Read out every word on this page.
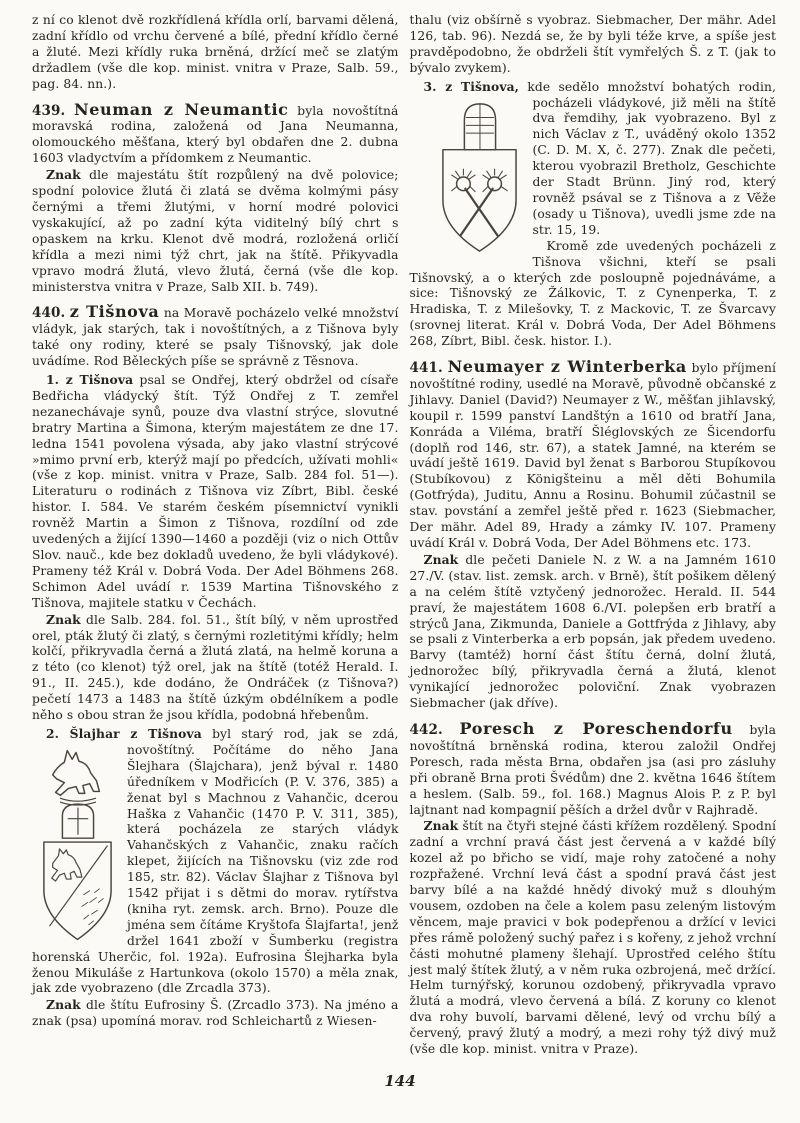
z ní co klenot dvě rozkřídlená křídla orlí, barvami dělená, zadní křídlo od vrchu červené a bílé, přední křídlo černé a žluté. Mezi křídly ruka brněná, držící meč se zlatým držadlem (vše dle kop. minist. vnitra v Praze, Salb. 59., pag. 84. nn.).

439. Neuman z Neumantic byla novoštítná moravská rodina, založená od Jana Neumanna, olomouckého měšťana, který byl obdařen dne 2. dubna 1603 vladyctvím a přídomkem z Neumantic.

Znak dle majestátu štít rozpůlený na dvě polovice; spodní polovice žlutá či zlatá se dvěma kolmými pásy černými a třemi žlutými, v horní modré polovici vyskakující, až po zadní kýta viditelný bílý chrt s opaskem na krku. Klenot dvě modrá, rozložená orličí křídla a mezi nimi týž chrt, jak na štítě. Přikyvadla vpravo modrá žlutá, vlevo žlutá, černá (vše dle kop. ministerstva vnitra v Praze, Salb XII. b. 749).

440. z Tišnova na Moravě pocházelo velké množství vládyk, jak starých, tak i novoštítných, a z Tišnova byly také ony rodiny, které se psaly Tišnovský, jak dole uvádíme. Rod Běleckých píše se správně z Těsnova.

1. z Tišnova psal se Ondřej, který obdržel od císaře Bedřicha vládycký štít. Týž Ondřej z T. zemřel nezanechávaje synů, pouze dva vlastní strýce, slovutné bratry Martina a Šimona, kterým majestátem ze dne 17. ledna 1541 povolena výsada, aby jako vlastní strýcové »mimo první erb, kterýž mají po předcích, užívati mohli« (vše z kop. minist. vnitra v Praze, Salb. 284 fol. 51—). Literaturu o rodinách z Tišnova viz Zíbrt, Bibl. české histor. I. 584. Ve starém českém písemnictví vynikli rovněž Martin a Šimon z Tišnova, rozdílní od zde uvedených a žijící 1390—1460 a později (viz o nich Ottův Slov. nauč., kde bez dokladů uvedeno, že byli vládykové). Prameny též Král v. Dobrá Voda. Der Adel Böhmens 268. Schimon Adel uvádí r. 1539 Martina Tišnovského z Tišnova, majitele statku v Čechách.

Znak dle Salb. 284. fol. 51., štít bílý, v něm uprostřed orel, pták žlutý či zlatý, s černými rozletitými křídly; helm kolčí, přikryvadla černá a žlutá zlatá, na helmě koruna a z této (co klenot) týž orel, jak na štítě (totéž Herald. I. 91., II. 245.), kde dodáno, že Ondráček (z Tišnova?) pečetí 1473 a 1483 na štítě úzkým obdélníkem a podle něho s obou stran že jsou křídla, podobná hřebenům.

2. Šlajhar z Tišnova byl starý rod, jak se zdá,
novoštítný. Počítáme do něho Jana Šlejhara (Šlajchara), jenž býval r. 1480 úředníkem v Modřicích (P. V. 376, 385) a ženat byl s Machnou z Vahančic, dcerou Haška z Vahančic (1470 P. V. 311, 385), která pocházela ze starých vládyk Vahančských z Vahančic, znaku račích klepet, žijících na Tišnovsku (viz zde rod 185, str. 82). Václav Šlajhar z Tišnova byl 1542 přijat i s dětmi do morav. rytířstva (kniha ryt. zemsk. arch. Brno). Pouze dle jména sem čítáme Kryštofa Šlajfarta!, jenž držel 1641 zboží v Šumberku (registra horenská Uherčic, fol. 192a). Eufrosina Šlejharka byla ženou Mikuláše z Hartunkova (okolo 1570) a měla znak, jak zde vyobrazeno (dle Zrcadla 373).

Znak dle štítu Eufrosiny Š. (Zrcadlo 373). Na jméno a znak (psa) upomíná morav. rod Schleichartů z Wiesen-

thalu (viz obšírně s vyobraz. Siebmacher, Der mähr. Adel 126, tab. 96). Nezdá se, že by byli téže krve, a spíše jest pravděpodobno, že obdrželi štít vymřelých Š. z T. (jak to bývalo zvykem).

3. z Tišnova, kde sedělo množství bohatých rodin, pocházeli vládykové, již měli na štítě dva řemdihy, jak vyobrazeno. Byl z nich Václav z T., uváděný okolo 1352 (C. D. M. X, č. 277). Znak dle pečeti, kterou vyobrazil Bretholz, Geschichte der Stadt Brünn. Jiný rod, který rovněž psával se z Tišnova a z Věže (osady u Tišnova), uvedli jsme zde na str. 15, 19.

Kromě zde uvedených pocházeli z Tišnova všichni, kteří se psali Tišnovský, a o kterých zde posloupně pojednáváme, a sice: Tišnovský ze Žálkovic, T. z Cynenperka, T. z Hradiska, T. z Milešovky, T. z Mackovic, T. ze Švarcavy (srovnej literat. Král v. Dobrá Voda, Der Adel Böhmens 268, Zíbrt, Bibl. česk. histor. I.).

441. Neumayer z Winterberka bylo příjmení novoštítné rodiny, usedlé na Moravě, původně občanské z Jihlavy. Daniel (David?) Neumayer z W., měšťan jihlavský, koupil r. 1599 panství Landštýn a 1610 od bratří Jana, Konráda a Viléma, bratří Šléglovských ze Šicendorfu (doplň rod 146, str. 67), a statek Jamné, na kterém se uvádí ještě 1619. David byl ženat s Barborou Stupíkovou (Stubíkovou) z Königšteinu a měl děti Bohumila (Gotfrýda), Juditu, Annu a Rosinu. Bohumil zúčastnil se stav. povstání a zemřel ještě před r. 1623 (Siebmacher, Der mähr. Adel 89, Hrady a zámky IV. 107. Prameny uvádí Král v. Dobrá Voda, Der Adel Böhmens etc. 173.

Znak dle pečeti Daniele N. z W. a na Jamném 1610 27./V. (stav. list. zemsk. arch. v Brně), štít pošikem dělený a na celém štítě vztyčený jednorožec. Herald. II. 544 praví, že majestátem 1608 6./VI. polepšen erb bratří a strýců Jana, Zikmunda, Daniele a Gottfrýda z Jihlavy, aby se psali z Vinterberka a erb popsán, jak předem uvedeno. Barvy (tamtéž) horní část štítu černá, dolní žlutá, jednorožec bílý, přikryvadla černá a žlutá, klenot vynikající jednorožec poloviční. Znak vyobrazen Siebmacher (jak dříve).

442. Poresch z Poreschendorfu byla novoštítná brněnská rodina, kterou založil Ondřej Poresch, rada města Brna, obdařen jsa (asi pro zásluhy při obraně Brna proti Švédům) dne 2. května 1646 štítem a heslem. (Salb. 59., fol. 168.) Magnus Alois P. z P. byl lajtnant nad kompagnií pěších a držel dvůr v Rajhradě.

Znak štít na čtyři stejné části křížem rozdělený. Spodní zadní a vrchní pravá část jest červená a v každé bílý kozel až po břicho se vidí, maje rohy zatočené a nohy rozpřažené. Vrchní levá část a spodní pravá část jest barvy bílé a na každé hnědý divoký muž s dlouhým vousem, ozdoben na čele a kolem pasu zeleným listovým věncem, maje pravici v bok podepřenou a držící v levici přes rámě položený suchý pařez i s kořeny, z jehož vrchní části mohutné plameny šlehají. Uprostřed celého štítu jest malý štítek žlutý, a v něm ruka ozbrojená, meč držící. Helm turnýřský, korunou ozdobený, přikryvadla vpravo žlutá a modrá, vlevo červená a bílá. Z koruny co klenot dva rohy buvolí, barvami dělené, levý od vrchu bílý a červený, pravý žlutý a modrý, a mezi rohy týž divý muž (vše dle kop. minist. vnitra v Praze).

144
